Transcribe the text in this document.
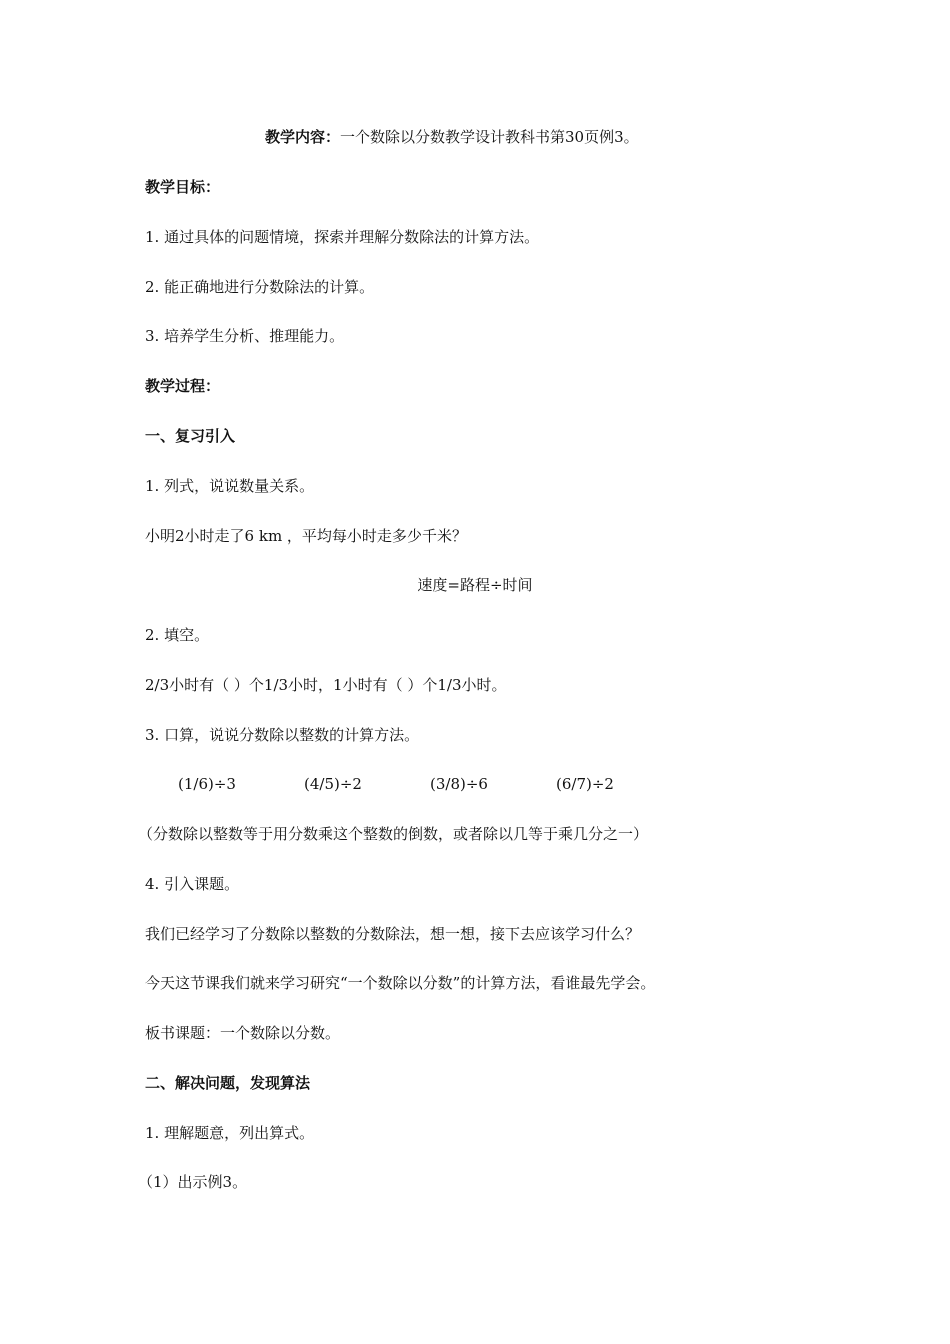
教学内容：一个数除以分数教学设计教科书第30页例3。
教学目标：
1. 通过具体的问题情境，探索并理解分数除法的计算方法。
2. 能正确地进行分数除法的计算。
3. 培养学生分析、推理能力。
教学过程：
一、复习引入
1. 列式，说说数量关系。
小明2小时走了6 km ，平均每小时走多少千米？
速度=路程÷时间
2. 填空。
2/3小时有（ ）个1/3小时，1小时有（ ）个1/3小时。
3. 口算，说说分数除以整数的计算方法。
(1/6)÷3	(4/5)÷2	(3/8)÷6	(6/7)÷2
（分数除以整数等于用分数乘这个整数的倒数，或者除以几等于乘几分之一）
4. 引入课题。
我们已经学习了分数除以整数的分数除法，想一想，接下去应该学习什么？
今天这节课我们就来学习研究“一个数除以分数”的计算方法，看谁最先学会。
板书课题：一个数除以分数。
二、解决问题，发现算法
1. 理解题意，列出算式。
（1）出示例3。
